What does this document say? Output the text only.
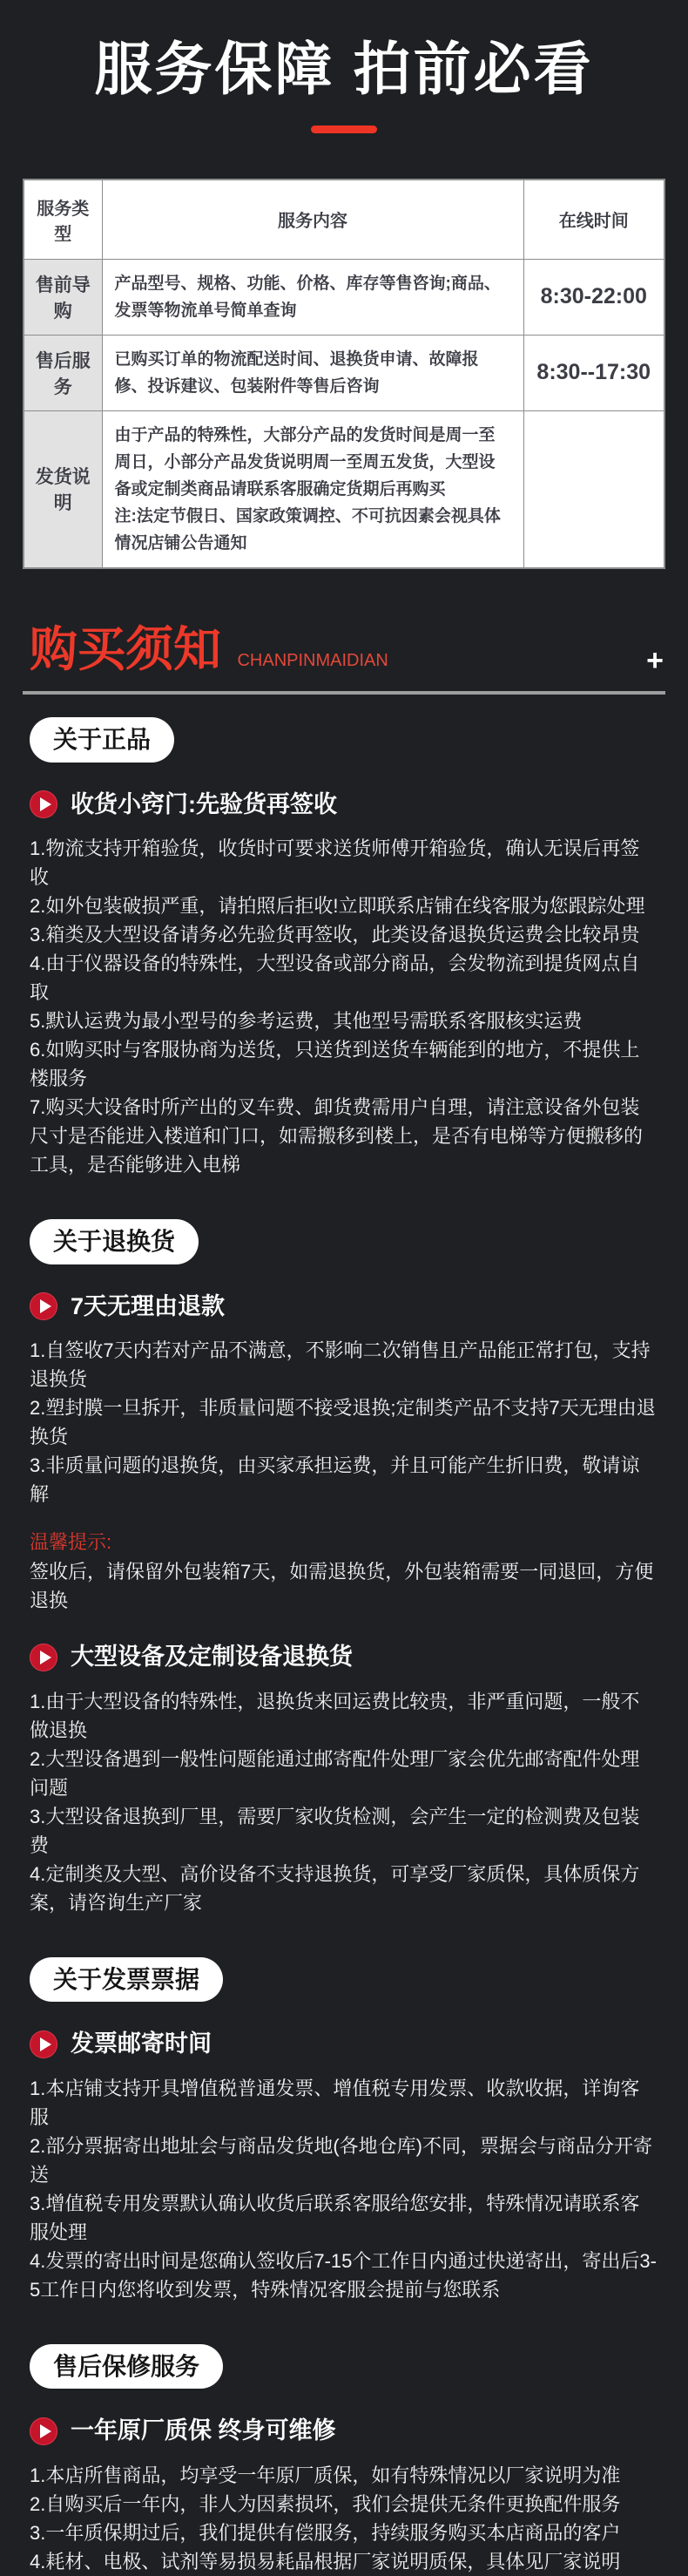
服务保障 拍前必看
服务类型	服务内容	在线时间
售前导购	产品型号、规格、功能、价格、库存等售咨询;商品、发票等物流单号简单查询	8:30-22:00
售后服务	已购买订单的物流配送时间、退换货申请、故障报修、投诉建议、包装附件等售后咨询	8:30--17:30
发货说明	由于产品的特殊性，大部分产品的发货时间是周一至周日，小部分产品发货说明周一至周五发货，大型设备或定制类商品请联系客服确定货期后再购买
注:法定节假日、国家政策调控、不可抗因素会视具体情况店铺公告通知	

购买须知 CHANPINMAIDIAN	+
关于正品
收货小窍门:先验货再签收

1.物流支持开箱验货，收货时可要求送货师傅开箱验货，确认无误后再签收

2.如外包装破损严重，请拍照后拒收!立即联系店铺在线客服为您跟踪处理

3.箱类及大型设备请务必先验货再签收，此类设备退换货运费会比较昂贵

4.由于仪器设备的特殊性，大型设备或部分商品，会发物流到提货网点自取

5.默认运费为最小型号的参考运费，其他型号需联系客服核实运费

6.如购买时与客服协商为送货，只送货到送货车辆能到的地方，不提供上楼服务

7.购买大设备时所产出的叉车费、卸货费需用户自理，请注意设备外包装尺寸是否能进入楼道和门口，如需搬移到楼上，是否有电梯等方便搬移的工具，是否能够进入电梯

关于退换货
7天无理由退款

1.自签收7天内若对产品不满意，不影响二次销售且产品能正常打包，支持退换货

2.塑封膜一旦拆开，非质量问题不接受退换;定制类产品不支持7天无理由退换货

3.非质量问题的退换货，由买家承担运费，并且可能产生折旧费，敬请谅解

温馨提示:

签收后，请保留外包装箱7天，如需退换货，外包装箱需要一同退回，方便退换

大型设备及定制设备退换货

1.由于大型设备的特殊性，退换货来回运费比较贵，非严重问题，一般不做退换

2.大型设备遇到一般性问题能通过邮寄配件处理厂家会优先邮寄配件处理问题

3.大型设备退换到厂里，需要厂家收货检测，会产生一定的检测费及包装费

4.定制类及大型、高价设备不支持退换货，可享受厂家质保，具体质保方案，请咨询生产厂家

关于发票票据
发票邮寄时间

1.本店铺支持开具增值税普通发票、增值税专用发票、收款收据，详询客服

2.部分票据寄出地址会与商品发货地(各地仓库)不同，票据会与商品分开寄送

3.增值税专用发票默认确认收货后联系客服给您安排，特殊情况请联系客服处理

4.发票的寄出时间是您确认签收后7-15个工作日内通过快递寄出，寄出后3-5工作日内您将收到发票，特殊情况客服会提前与您联系

售后保修服务
一年原厂质保 终身可维修

1.本店所售商品，均享受一年原厂质保，如有特殊情况以厂家说明为准

2.自购买后一年内，非人为因素损坏，我们会提供无条件更换配件服务

3.一年质保期过后，我们提供有偿服务，持续服务购买本店商品的客户

4.耗材、电极、试剂等易损易耗晶根据厂家说明质保，具体见厂家说明
